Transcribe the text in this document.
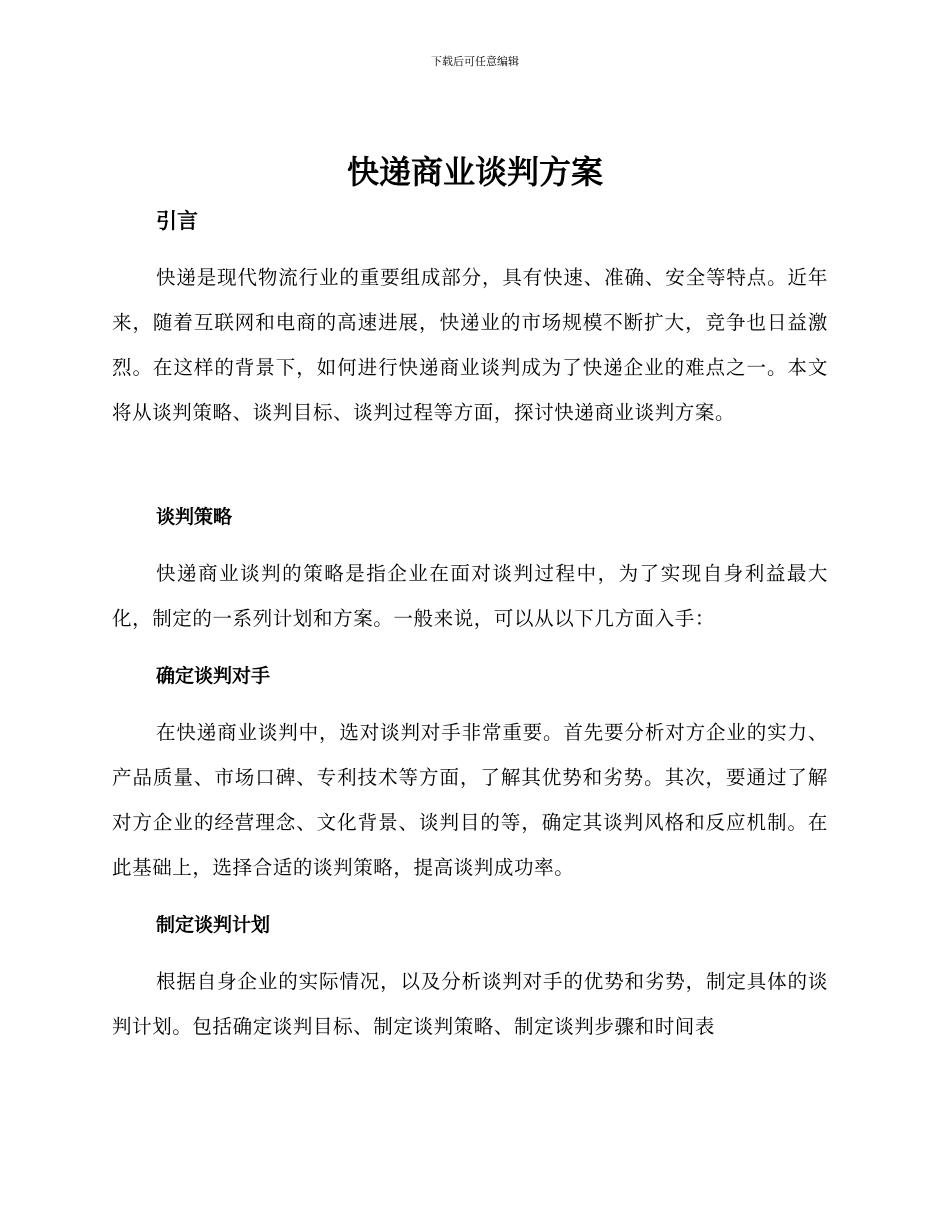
下载后可任意编辑
快递商业谈判方案
引言

快递是现代物流行业的重要组成部分，具有快速、准确、安全等特点。近年来，随着互联网和电商的高速进展，快递业的市场规模不断扩大，竞争也日益激烈。在这样的背景下，如何进行快递商业谈判成为了快递企业的难点之一。本文将从谈判策略、谈判目标、谈判过程等方面，探讨快递商业谈判方案。

谈判策略

快递商业谈判的策略是指企业在面对谈判过程中，为了实现自身利益最大化，制定的一系列计划和方案。一般来说，可以从以下几方面入手：

确定谈判对手

在快递商业谈判中，选对谈判对手非常重要。首先要分析对方企业的实力、产品质量、市场口碑、专利技术等方面，了解其优势和劣势。其次，要通过了解对方企业的经营理念、文化背景、谈判目的等，确定其谈判风格和反应机制。在此基础上，选择合适的谈判策略，提高谈判成功率。

制定谈判计划

根据自身企业的实际情况，以及分析谈判对手的优势和劣势，制定具体的谈判计划。包括确定谈判目标、制定谈判策略、制定谈判步骤和时间表
